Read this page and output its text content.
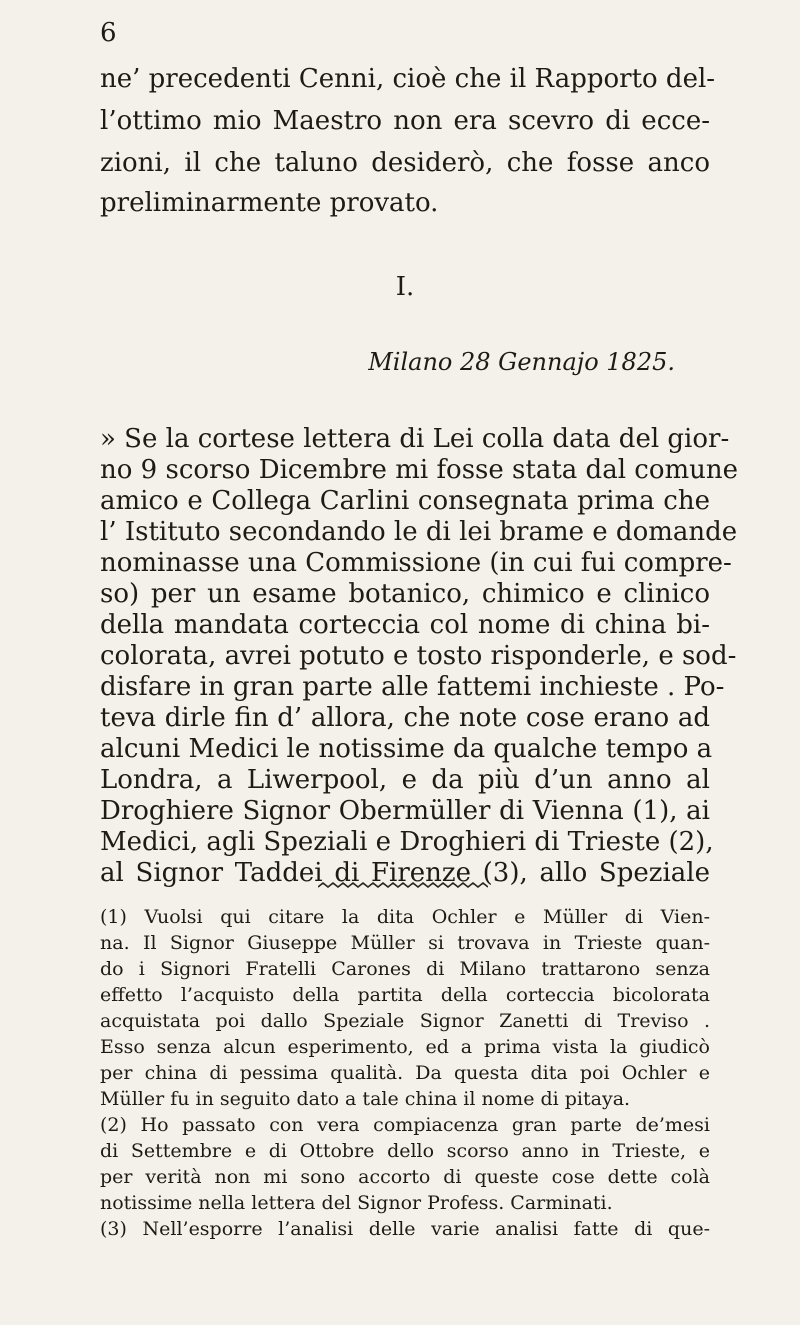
6
ne’ precedenti Cenni, cioè che il Rapporto del-
l’ottimo mio Maestro non era scevro di ecce-
zioni, il che taluno desiderò, che fosse anco
preliminarmente provato.
I.
Milano 28 Gennajo 1825.
» Se la cortese lettera di Lei colla data del gior-
no 9 scorso Dicembre mi fosse stata dal comune
amico e Collega Carlini consegnata prima che
l’ Istituto secondando le di lei brame e domande
nominasse una Commissione (in cui fui compre-
so) per un esame botanico, chimico e clinico
della mandata corteccia col nome di china bi-
colorata, avrei potuto e tosto risponderle, e sod-
disfare in gran parte alle fattemi inchieste . Po-
teva dirle fin d’ allora, che note cose erano ad
alcuni Medici le notissime da qualche tempo a
Londra, a Liwerpool, e da più d’un anno al
Droghiere Signor Obermüller di Vienna (1), ai
Medici, agli Speziali e Droghieri di Trieste (2),
al Signor Taddei di Firenze (3), allo Speziale
(1) Vuolsi qui citare la dita Ochler e Müller di Vien-
na. Il Signor Giuseppe Müller si trovava in Trieste quan-
do i Signori Fratelli Carones di Milano trattarono senza
effetto l’acquisto della partita della corteccia bicolorata
acquistata poi dallo Speziale Signor Zanetti di Treviso .
Esso senza alcun esperimento, ed a prima vista la giudicò
per china di pessima qualità. Da questa dita poi Ochler e
Müller fu in seguito dato a tale china il nome di pitaya.
(2) Ho passato con vera compiacenza gran parte de’mesi
di Settembre e di Ottobre dello scorso anno in Trieste, e
per verità non mi sono accorto di queste cose dette colà
notissime nella lettera del Signor Profess. Carminati.
(3) Nell’esporre l’analisi delle varie analisi fatte di que-
